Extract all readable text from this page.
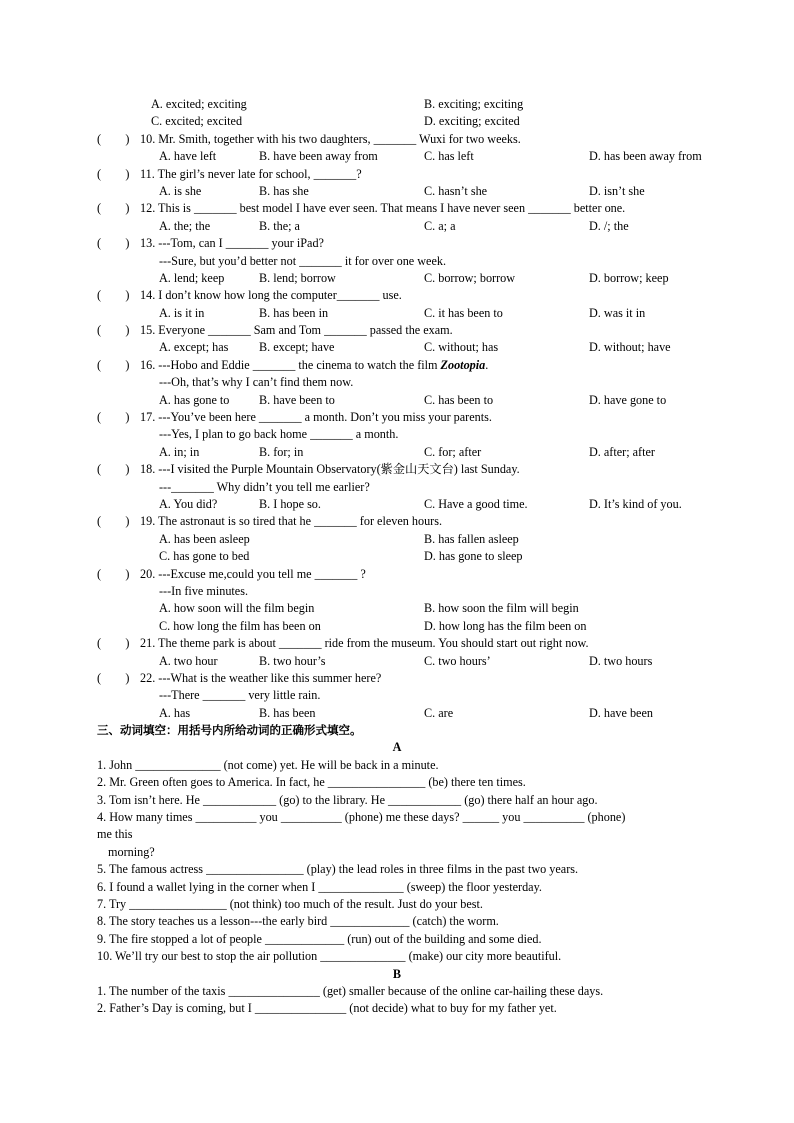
A. excited; exciting	B. exciting; exciting
C. excited; excited	D. exciting; excited
(　　) 10. Mr. Smith, together with his two daughters, _______ Wuxi for two weeks.
A. have left	B. have been away from	C. has left	D. has been away from
(　　) 11. The girl’s never late for school, _______?
A. is she	B. has she	C. hasn’t she	D. isn’t she
(　　) 12. This is _______ best model I have ever seen. That means I have never seen _______ better one.
A. the; the	B. the; a	C. a; a	D. /; the
(　　) 13. ---Tom, can I _______ your iPad?
---Sure, but you’d better not _______ it for over one week.
A. lend; keep	B. lend; borrow	C. borrow; borrow	D. borrow; keep
(　　) 14. I don’t know how long the computer_______ use.
A. is it in	B. has been in	C. it has been to	D. was it in
(　　) 15. Everyone _______ Sam and Tom _______ passed the exam.
A. except; has	B. except; have	C. without; has	D. without; have
(　　) 16. ---Hobo and Eddie _______ the cinema to watch the film Zootopia.
---Oh, that’s why I can’t find them now.
A. has gone to B. have been to	C. has been to	D. have gone to
(　　) 17. ---You’ve been here _______ a month. Don’t you miss your parents.
---Yes, I plan to go back home _______ a month.
A. in; in	B. for; in	C. for; after	D. after; after
(　　) 18. ---I visited the Purple Mountain Observatory(紫金山天文台) last Sunday.
---_______ Why didn’t you tell me earlier?
A. You did?	B. I hope so.	C. Have a good time.	D. It’s kind of you.
(　　) 19. The astronaut is so tired that he _______ for eleven hours.
A. has been asleep	B. has fallen asleep
C. has gone to bed	D. has gone to sleep
(　　) 20. ---Excuse me,could you tell me _______ ?
---In five minutes.
A. how soon will the film begin	B. how soon the film will begin
C. how long the film has been on	D. how long has the film been on
(　　) 21. The theme park is about _______ ride from the museum. You should start out right now.
A. two hour	B. two hour’s	C. two hours’	D. two hours
(　　) 22. ---What is the weather like this summer here?
---There _______ very little rain.
A. has	B. has been	C. are	D. have been
三、动词填空：用括号内所给动词的正确形式填空。
A
1. John ______________ (not come) yet. He will be back in a minute.
2. Mr. Green often goes to America. In fact, he ________________ (be) there ten times.
3. Tom isn’t here. He ____________ (go) to the library. He ____________ (go) there half an hour ago.
4. How many times __________ you __________ (phone) me these days? ______ you __________ (phone)
me this
morning?
5. The famous actress ________________ (play) the lead roles in three films in the past two years.
6. I found a wallet lying in the corner when I ______________ (sweep) the floor yesterday.
7. Try ________________ (not think) too much of the result. Just do your best.
8. The story teaches us a lesson---the early bird _____________ (catch) the worm.
9. The fire stopped a lot of people _____________ (run) out of the building and some died.
10. We’ll try our best to stop the air pollution ______________ (make) our city more beautiful.
B
1. The number of the taxis _______________ (get) smaller because of the online car-hailing these days.
2. Father’s Day is coming, but I _______________ (not decide) what to buy for my father yet.
